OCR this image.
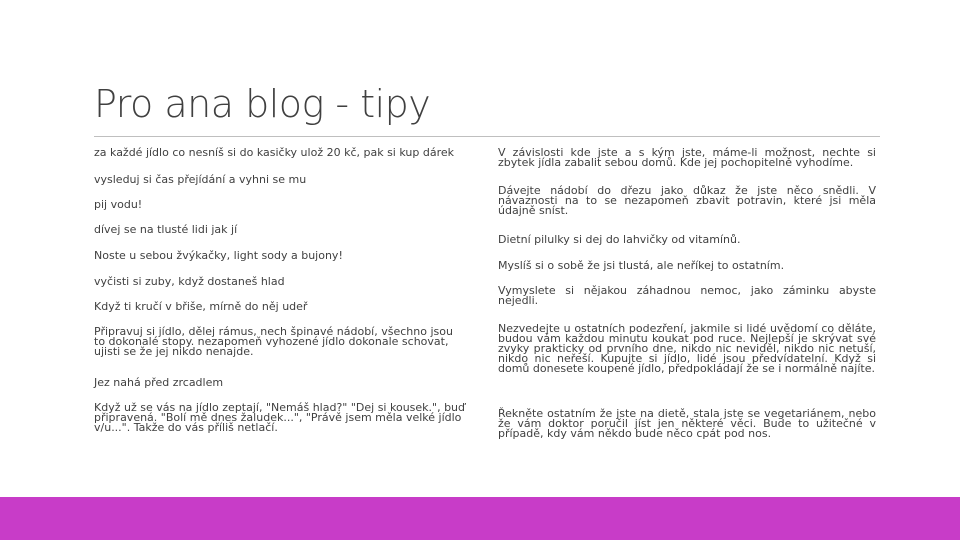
Pro ana blog - tipy

za každé jídlo co nesníš si do kasičky ulož 20 kč, pak si kup dárek

vysleduj si čas přejídání a vyhni se mu

pij vodu!

dívej se na tlusté lidi jak jí

Noste u sebou žvýkačky, light sody a bujony!

vyčisti si zuby, když dostaneš hlad

Když ti kručí v břiše, mírně do něj udeř

Připravuj si jídlo, dělej rámus, nech špinavé nádobí, všechno jsou to dokonalé stopy. nezapomeň vyhozené jídlo dokonale schovat, ujisti se že jej nikdo nenajde.

Jez nahá před zrcadlem

Když už se vás na jídlo zeptají, "Nemáš hlad?" "Dej si kousek.", buď připravená. "Bolí mě dnes žaludek...", "Právě jsem měla velké jídlo v/u...". Takže do vás příliš netlačí.

V závislosti kde jste a s kým jste, máme-li možnost, nechte si zbytek jídla zabalit sebou domů. Kde jej pochopitelně vyhodíme.

Dávejte nádobí do dřezu jako důkaz že jste něco snědli. V návaznosti na to se nezapomeň zbavit potravin, které jsi měla údajně sníst.

Dietní pilulky si dej do lahvičky od vitamínů.

Myslíš si o sobě že jsi tlustá, ale neříkej to ostatním.

Vymyslete si nějakou záhadnou nemoc, jako záminku abyste nejedli.

Nezvedejte u ostatních podezření, jakmile si lidé uvědomí co děláte, budou vám každou minutu koukat pod ruce. Nejlepší je skrývat své zvyky prakticky od prvního dne, nikdo nic neviděl, nikdo nic netuší, nikdo nic neřeší. Kupujte si jídlo, lidé jsou předvídatelní. Když si domů donesete koupené jídlo, předpokládají že se i normálně najíte.

Řekněte ostatním že jste na dietě, stala jste se vegetariánem, nebo že vám doktor poručil jíst jen některé věci. Bude to užitečné v případě, kdy vám někdo bude něco cpát pod nos.
